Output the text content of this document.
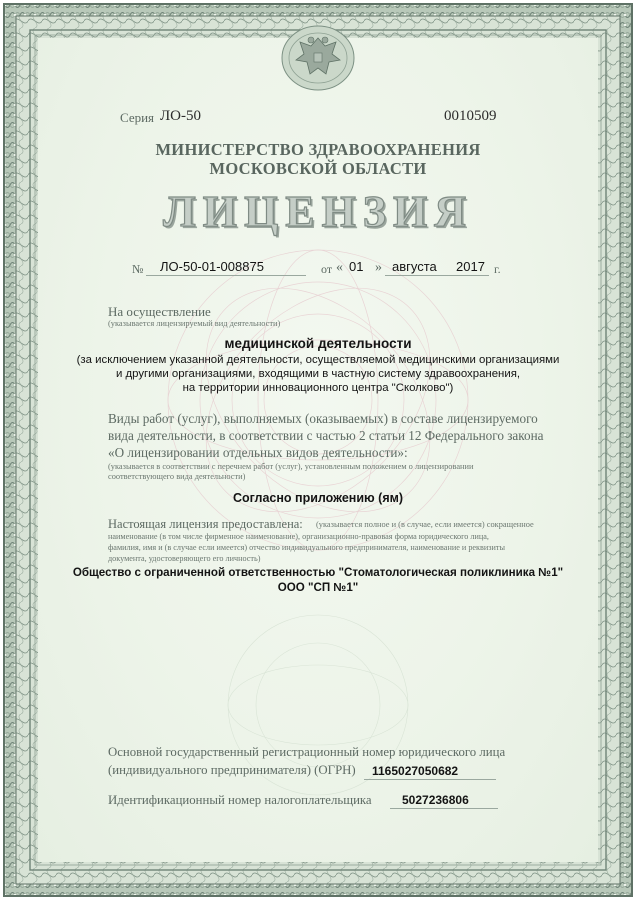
Серия ЛО-50	0010509
МИНИСТЕРСТВО ЗДРАВООХРАНЕНИЯ
МОСКОВСКОЙ ОБЛАСТИ
ЛИЦЕНЗИЯ
№ ЛО-50-01-008875	от « 01 » августа 2017 г.
На осуществление
(указывается лицензируемый вид деятельности)
медицинской деятельности
(за исключением указанной деятельности, осуществляемой медицинскими организациями
и другими организациями, входящими в частную систему здравоохранения,
на территории инновационного центра "Сколково")
Виды работ (услуг), выполняемых (оказываемых) в составе лицензируемого
вида деятельности, в соответствии с частью 2 статьи 12 Федерального закона
«О лицензировании отдельных видов деятельности»:
(указывается в соответствии с перечнем работ (услуг), установленным положением о лицензировании
соответствующего вида деятельности)
Согласно приложению (ям)
Настоящая лицензия предоставлена: (указывается полное и (в случае, если имеется) сокращенное
наименование (в том числе фирменное наименование), организационно-правовая форма юридического лица,
фамилия, имя и (в случае если имеется) отчество индивидуального предпринимателя, наименование и реквизиты
документа, удостоверяющего его личность)
Общество с ограниченной ответственностью "Стоматологическая поликлиника №1"
ООО "СП №1"
Основной государственный регистрационный номер юридического лица
(индивидуального предпринимателя) (ОГРН) 1165027050682
Идентификационный номер налогоплательщика	5027236806
